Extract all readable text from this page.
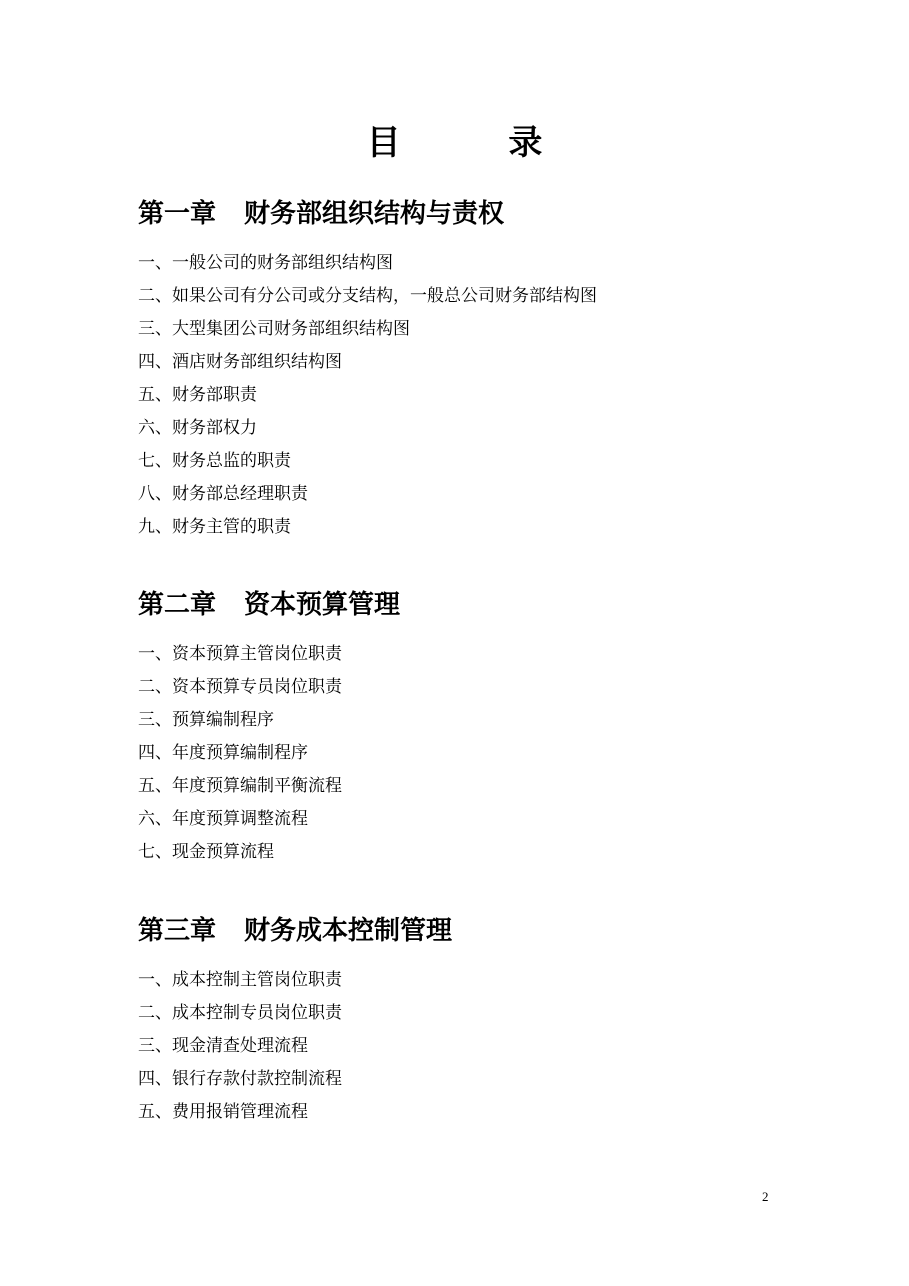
目 录
第一章 财务部组织结构与责权
一、一般公司的财务部组织结构图
二、如果公司有分公司或分支结构，一般总公司财务部结构图
三、大型集团公司财务部组织结构图
四、酒店财务部组织结构图
五、财务部职责
六、财务部权力
七、财务总监的职责
八、财务部总经理职责
九、财务主管的职责
第二章 资本预算管理
一、资本预算主管岗位职责
二、资本预算专员岗位职责
三、预算编制程序
四、年度预算编制程序
五、年度预算编制平衡流程
六、年度预算调整流程
七、现金预算流程
第三章 财务成本控制管理
一、成本控制主管岗位职责
二、成本控制专员岗位职责
三、现金清查处理流程
四、银行存款付款控制流程
五、费用报销管理流程
2
